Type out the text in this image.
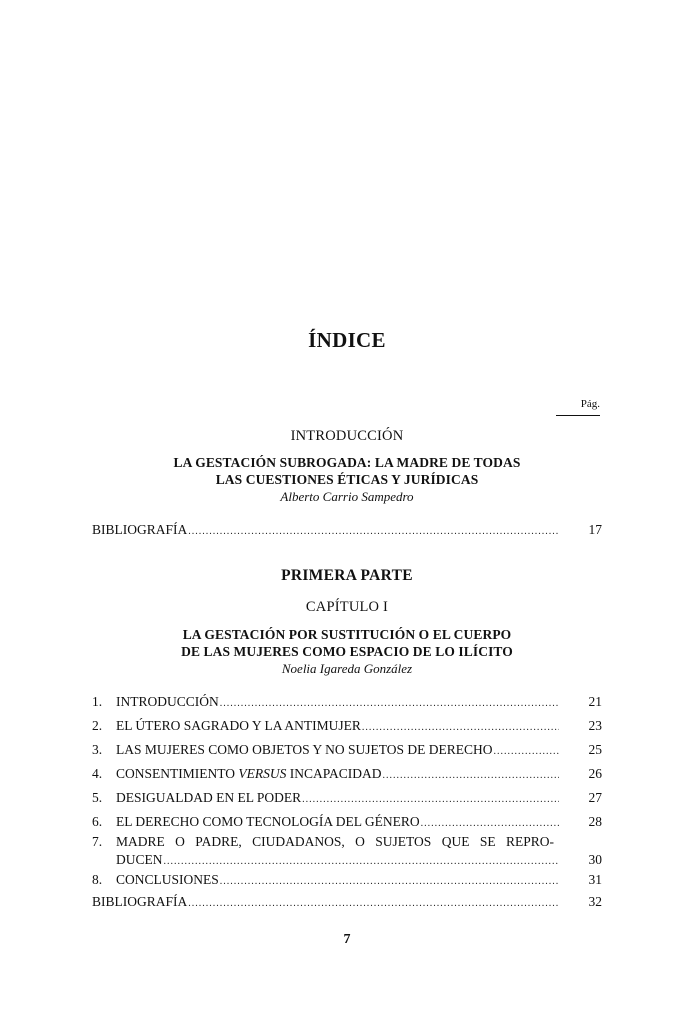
ÍNDICE
Pág.
INTRODUCCIÓN
LA GESTACIÓN SUBROGADA: LA MADRE DE TODAS
LAS CUESTIONES ÉTICAS Y JURÍDICAS
Alberto Carrio Sampedro
BIBLIOGRAFÍA .....	17
PRIMERA PARTE
CAPÍTULO I
LA GESTACIÓN POR SUSTITUCIÓN O EL CUERPO
DE LAS MUJERES COMO ESPACIO DE LO ILÍCITO
Noelia Igareda González
1.	INTRODUCCIÓN .....	21
2.	EL ÚTERO SAGRADO Y LA ANTIMUJER .....	23
3.	LAS MUJERES COMO OBJETOS Y NO SUJETOS DE DERECHO .....	25
4.	CONSENTIMIENTO VERSUS INCAPACIDAD .....	26
5.	DESIGUALDAD EN EL PODER .....	27
6.	EL DERECHO COMO TECNOLOGÍA DEL GÉNERO .....	28
7.	MADRE O PADRE, CIUDADANOS, O SUJETOS QUE SE REPRO-
DUCEN .....	30
8.	CONCLUSIONES .....	31
BIBLIOGRAFÍA .....	32
7
